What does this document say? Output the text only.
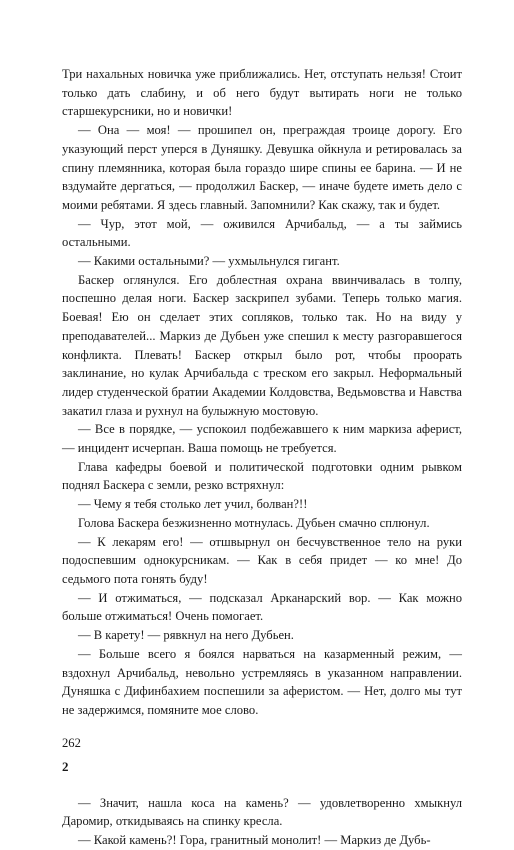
Три нахальных новичка уже приближались. Нет, отступать нельзя! Стоит только дать слабину, и об него будут вытирать ноги не только старшекурсники, но и новички!

— Она — моя! — прошипел он, преграждая троице дорогу. Его указующий перст уперся в Дуняшку. Девушка ойкнула и ретировалась за спину племянника, которая была гораздо шире спины ее барина. — И не вздумайте дергаться, — продолжил Баскер, — иначе будете иметь дело с моими ребятами. Я здесь главный. Запомнили? Как скажу, так и будет.

— Чур, этот мой, — оживился Арчибальд, — а ты займись остальными.

— Какими остальными? — ухмыльнулся гигант.

Баскер оглянулся. Его доблестная охрана ввинчивалась в толпу, поспешно делая ноги. Баскер заскрипел зубами. Теперь только магия. Боевая! Ею он сделает этих сопляков, только так. Но на виду у преподавателей... Маркиз де Дубьен уже спешил к месту разгоравшегося конфликта. Плевать! Баскер открыл было рот, чтобы проорать заклинание, но кулак Арчибальда с треском его закрыл. Неформальный лидер студенческой братии Академии Колдовства, Ведьмовства и Навства закатил глаза и рухнул на булыжную мостовую.

— Все в порядке, — успокоил подбежавшего к ним маркиза аферист, — инцидент исчерпан. Ваша помощь не требуется.

Глава кафедры боевой и политической подготовки одним рывком поднял Баскера с земли, резко встряхнул:

— Чему я тебя столько лет учил, болван?!!

Голова Баскера безжизненно мотнулась. Дубьен смачно сплюнул.

— К лекарям его! — отшвырнул он бесчувственное тело на руки подоспевшим однокурсникам. — Как в себя придет — ко мне! До седьмого пота гонять буду!

— И отжиматься, — подсказал Арканарский вор. — Как можно больше отжиматься! Очень помогает.

— В карету! — рявкнул на него Дубьен.

— Больше всего я боялся нарваться на казарменный режим, — вздохнул Арчибальд, невольно устремляясь в указанном направлении. Дуняшка с Дифинбахием поспешили за аферистом. — Нет, долго мы тут не задержимся, помяните мое слово.

2

— Значит, нашла коса на камень? — удовлетворенно хмыкнул Даромир, откидываясь на спинку кресла.

— Какой камень?! Гора, гранитный монолит! — Маркиз де Дубь-

262
